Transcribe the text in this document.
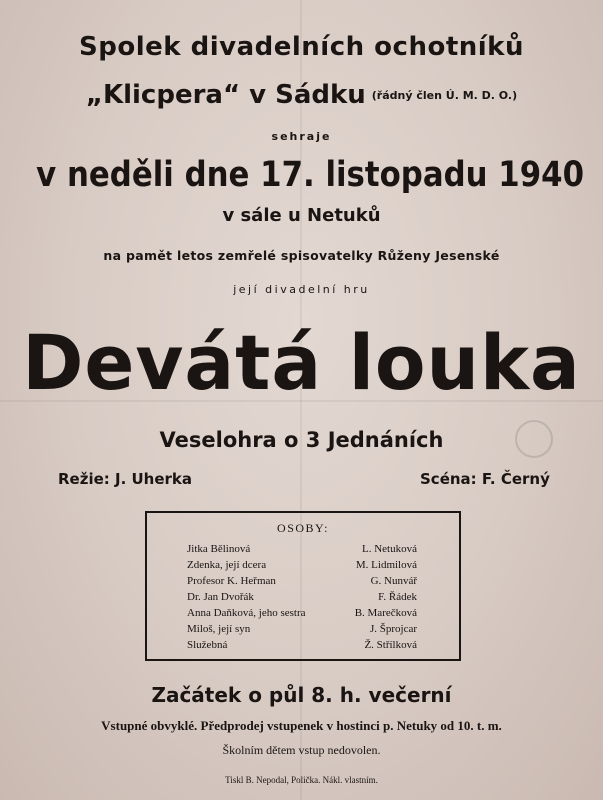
Spolek divadelních ochotníků
„Klicpera“ v Sádku (řádný člen Ú. M. D. O.)
sehraje
v neděli dne 17. listopadu 1940
v sále u Netuků
na pamět letos zemřelé spisovatelky Růženy Jesenské
její divadelní hru
Devátá louka
Veselohra o 3 Jednáních
Režie: J. Uherka	Scéna: F. Černý
OSOBY:
Jitka Bělinová	L. Netuková
Zdenka, její dcera	M. Lidmilová
Profesor K. Heřman	G. Nunvář
Dr. Jan Dvořák	F. Řádek
Anna Daňková, jeho sestra	B. Marečková
Miloš, její syn	J. Šprojcar
Služebná	Ž. Střílková
Začátek o půl 8. h. večerní
Vstupné obvyklé. Předprodej vstupenek v hostinci p. Netuky od 10. t. m.
Školním dětem vstup nedovolen.
Tiskl B. Nepodal, Polička. Nákl. vlastním.
